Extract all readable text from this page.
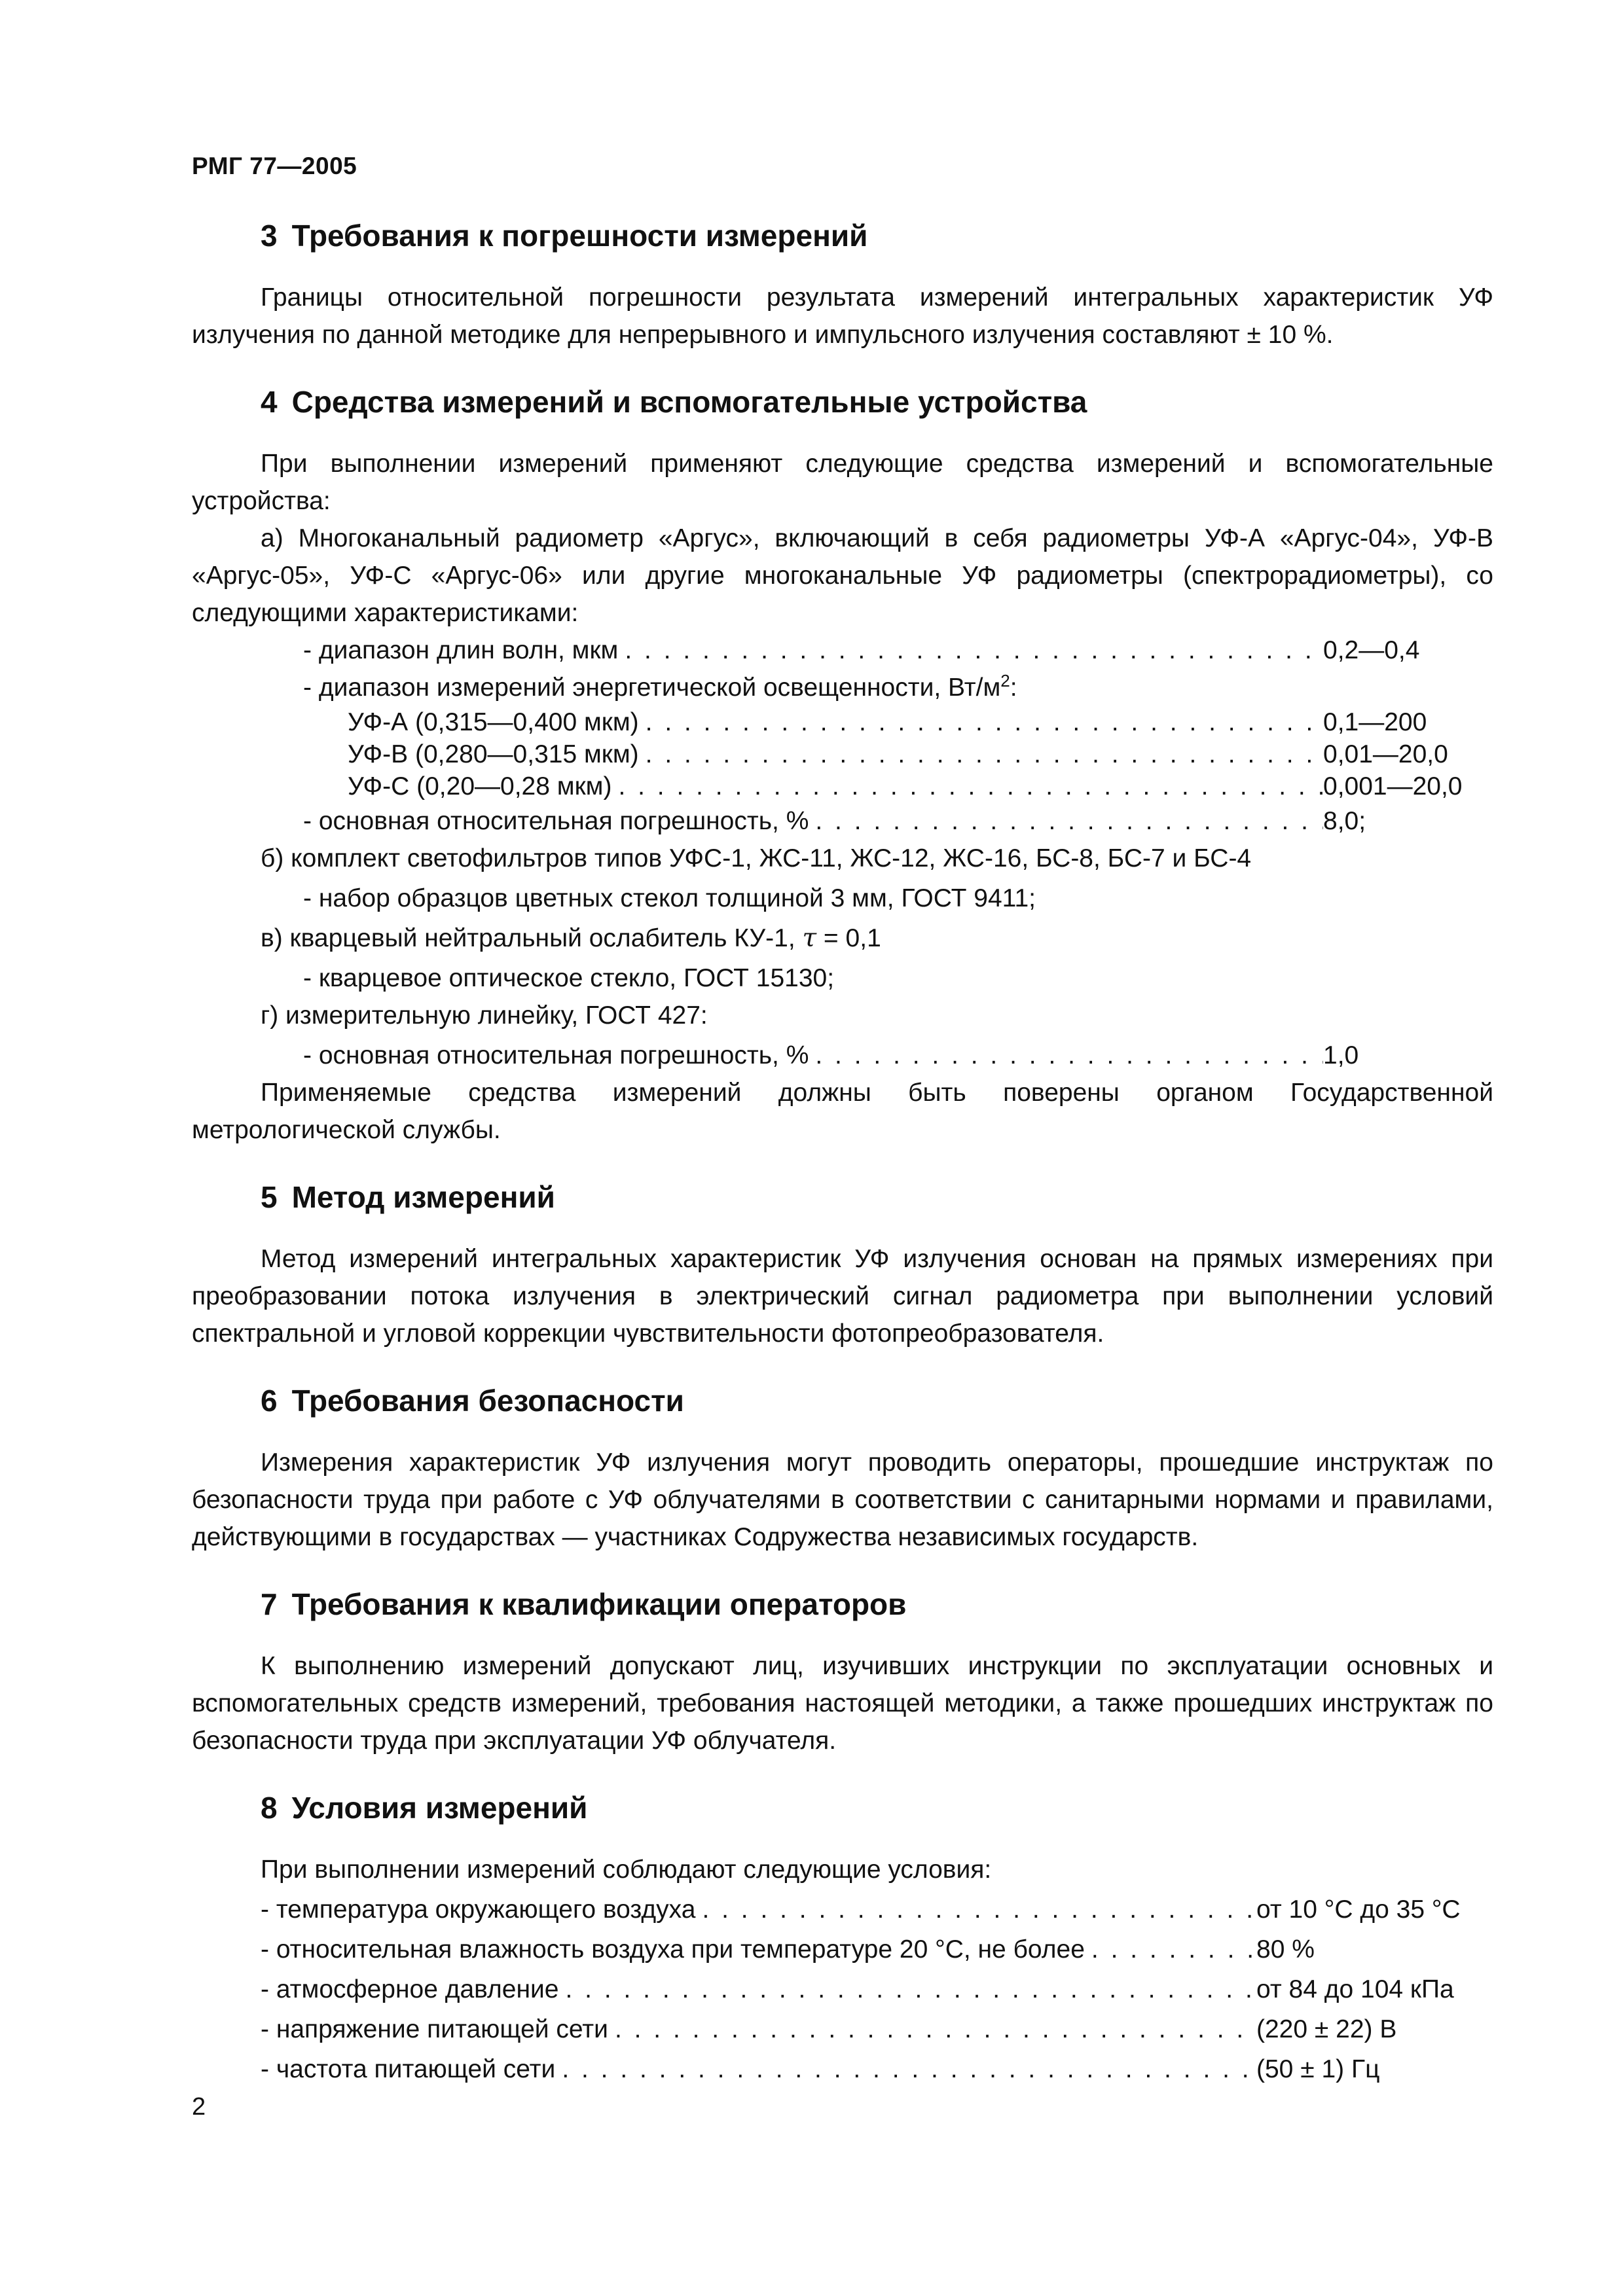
РМГ 77—2005
3 Требования к погрешности измерений

Границы относительной погрешности результата измерений интегральных характеристик УФ излучения по данной методике для непрерывного и импульсного излучения составляют ± 10 %.

4 Средства измерений и вспомогательные устройства

При выполнении измерений применяют следующие средства измерений и вспомогательные устройства:

а) Многоканальный радиометр «Аргус», включающий в себя радиометры УФ-А «Аргус-04», УФ-В «Аргус-05», УФ-С «Аргус-06» или другие многоканальные УФ радиометры (спектрорадиометры), со следующими характеристиками:

- диапазон длин волн, мкм . . .	0,2—0,4
- диапазон измерений энергетической освещенности, $Вт/м^2$:
УФ-А (0,315—0,400 мкм) . . .	0,1—200
УФ-В (0,280—0,315 мкм) . . .	0,01—20,0
УФ-С (0,20—0,28 мкм) . . .	0,001—20,0
- основная относительная погрешность, % . . .	8,0;

б) комплект светофильтров типов УФС-1, ЖС-11, ЖС-12, ЖС-16, БС-8, БС-7 и БС-4

- набор образцов цветных стекол толщиной 3 мм, ГОСТ 9411;

в) кварцевый нейтральный ослабитель КУ-1, τ = 0,1

- кварцевое оптическое стекло, ГОСТ 15130;

г) измерительную линейку, ГОСТ 427:

- основная относительная погрешность, % . . .	1,0

Применяемые средства измерений должны быть поверены органом Государственной метрологической службы.

5 Метод измерений

Метод измерений интегральных характеристик УФ излучения основан на прямых измерениях при преобразовании потока излучения в электрический сигнал радиометра при выполнении условий спектральной и угловой коррекции чувствительности фотопреобразователя.

6 Требования безопасности

Измерения характеристик УФ излучения могут проводить операторы, прошедшие инструктаж по безопасности труда при работе с УФ облучателями в соответствии с санитарными нормами и правилами, действующими в государствах — участниках Содружества независимых государств.

7 Требования к квалификации операторов

К выполнению измерений допускают лиц, изучивших инструкции по эксплуатации основных и вспомогательных средств измерений, требования настоящей методики, а также прошедших инструктаж по безопасности труда при эксплуатации УФ облучателя.

8 Условия измерений

При выполнении измерений соблюдают следующие условия:

- температура окружающего воздуха . . .	от 10 °С до 35 °С
- относительная влажность воздуха при температуре 20 °С, не более . . .	80 %
- атмосферное давление . . .	от 84 до 104 кПа
- напряжение питающей сети . . .	(220 ± 22) В
- частота питающей сети . . .	(50 ± 1) Гц
2
